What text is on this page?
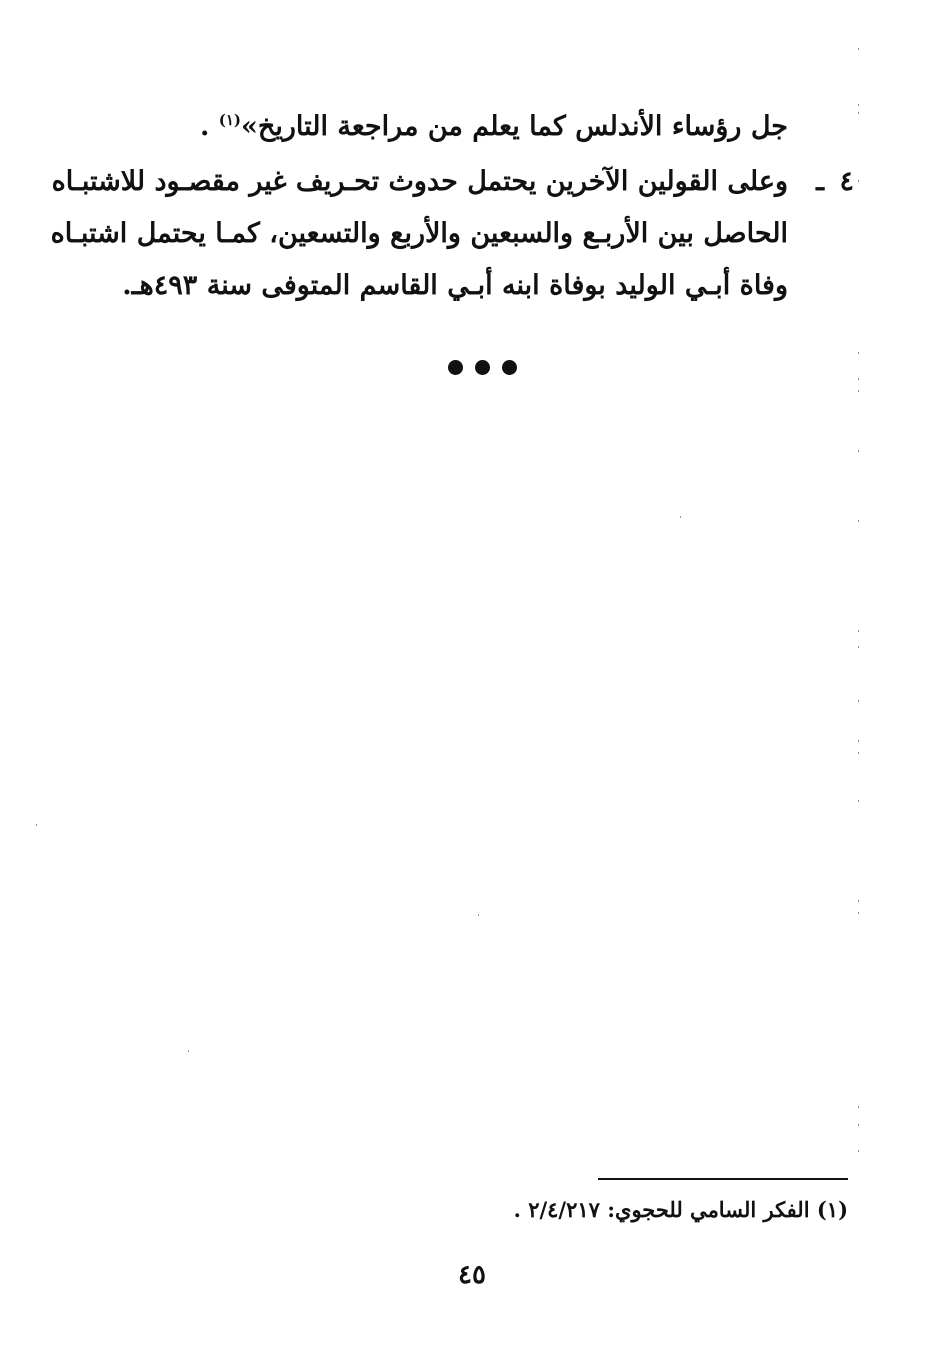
جل رؤساء الأندلس كما يعلم من مراجعة التاريخ»$^{(١)}$ .
٤
ـ
وعلى القولين الآخرين يحتمل حدوث تحـريف غير مقصـود للاشتبـاه
الحاصل بين الأربـع والسبعين والأربع والتسعين، كمـا يحتمل اشتبـاه
وفاة أبـي الوليد بوفاة ابنه أبـي القاسم المتوفى سنة ٤٩٣هـ.
(١) الفكر السامي للحجوي: ٢/٤/٢١٧ .
٤٥
